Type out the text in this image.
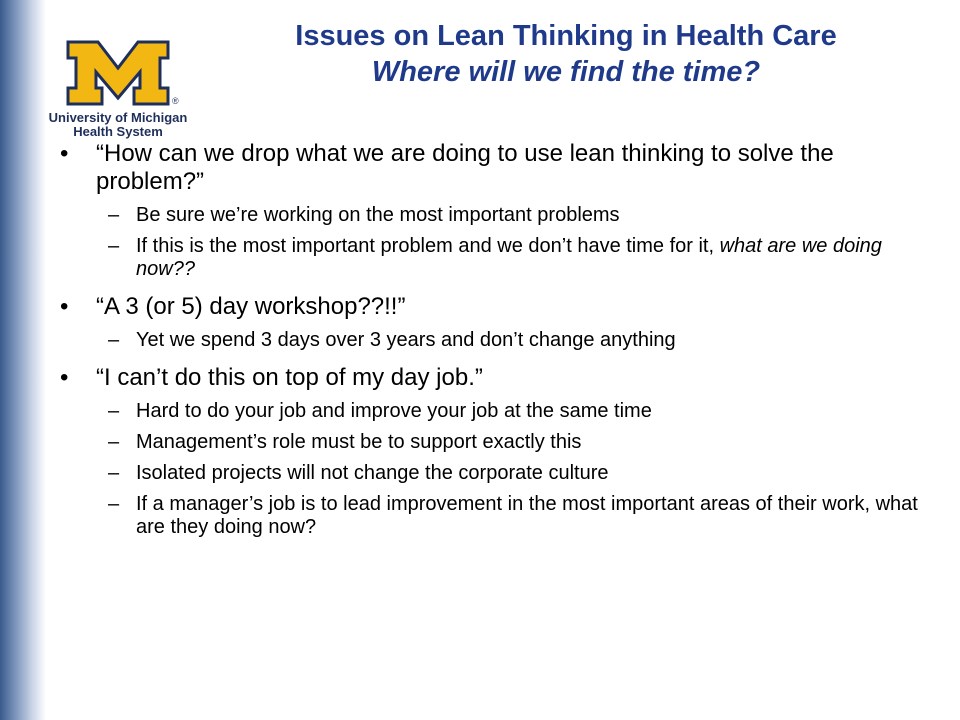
®
University of Michigan
Health System
Issues on Lean Thinking in Health Care
Where will we find the time?
• “How can we drop what we are doing to use lean thinking to solve the problem?”
– Be sure we’re working on the most important problems
– If this is the most important problem and we don’t have time for it, what are we doing now??
• “A 3 (or 5) day workshop??!!”
– Yet we spend 3 days over 3 years and don’t change anything
• “I can’t do this on top of my day job.”
– Hard to do your job and improve your job at the same time
– Management’s role must be to support exactly this
– Isolated projects will not change the corporate culture
– If a manager’s job is to lead improvement in the most important areas of their work, what are they doing now?
